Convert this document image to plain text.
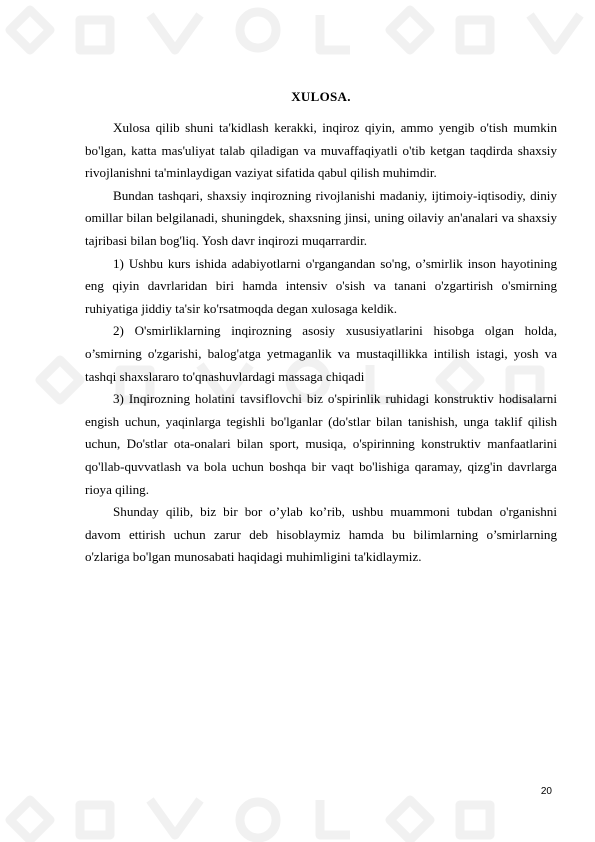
XULOSA.

Xulosa qilib shuni ta'kidlash kerakki, inqiroz qiyin, ammo yengib o'tish mumkin bo'lgan, katta mas'uliyat talab qiladigan va muvaffaqiyatli o'tib ketgan taqdirda shaxsiy rivojlanishni ta'minlaydigan vaziyat sifatida qabul qilish muhimdir.

Bundan tashqari, shaxsiy inqirozning rivojlanishi madaniy, ijtimoiy-iqtisodiy, diniy omillar bilan belgilanadi, shuningdek, shaxsning jinsi, uning oilaviy an'analari va shaxsiy tajribasi bilan bog'liq. Yosh davr inqirozi muqarrardir.

1) Ushbu kurs ishida adabiyotlarni o'rgangandan so'ng, o’smirlik inson hayotining eng qiyin davrlaridan biri hamda intensiv o'sish va tanani o'zgartirish o'smirning ruhiyatiga jiddiy ta'sir ko'rsatmoqda degan xulosaga keldik.

2) O'smirliklarning inqirozning asosiy xususiyatlarini hisobga olgan holda, o’smirning o'zgarishi, balog'atga yetmaganlik va mustaqillikka intilish istagi, yosh va tashqi shaxslararo to'qnashuvlardagi massaga chiqadi

3) Inqirozning holatini tavsiflovchi biz o'spirinlik ruhidagi konstruktiv hodisalarni engish uchun, yaqinlarga tegishli bo'lganlar (do'stlar bilan tanishish, unga taklif qilish uchun, Do'stlar ota-onalari bilan sport, musiqa, o'spirinning konstruktiv manfaatlarini qo'llab-quvvatlash va bola uchun boshqa bir vaqt bo'lishiga qaramay, qizg'in davrlarga rioya qiling.

Shunday qilib, biz bir bor o’ylab ko’rib, ushbu muammoni tubdan o'rganishni davom ettirish uchun zarur deb hisoblaymiz hamda bu bilimlarning o’smirlarning o'zlariga bo'lgan munosabati haqidagi muhimligini ta'kidlaymiz.

20
